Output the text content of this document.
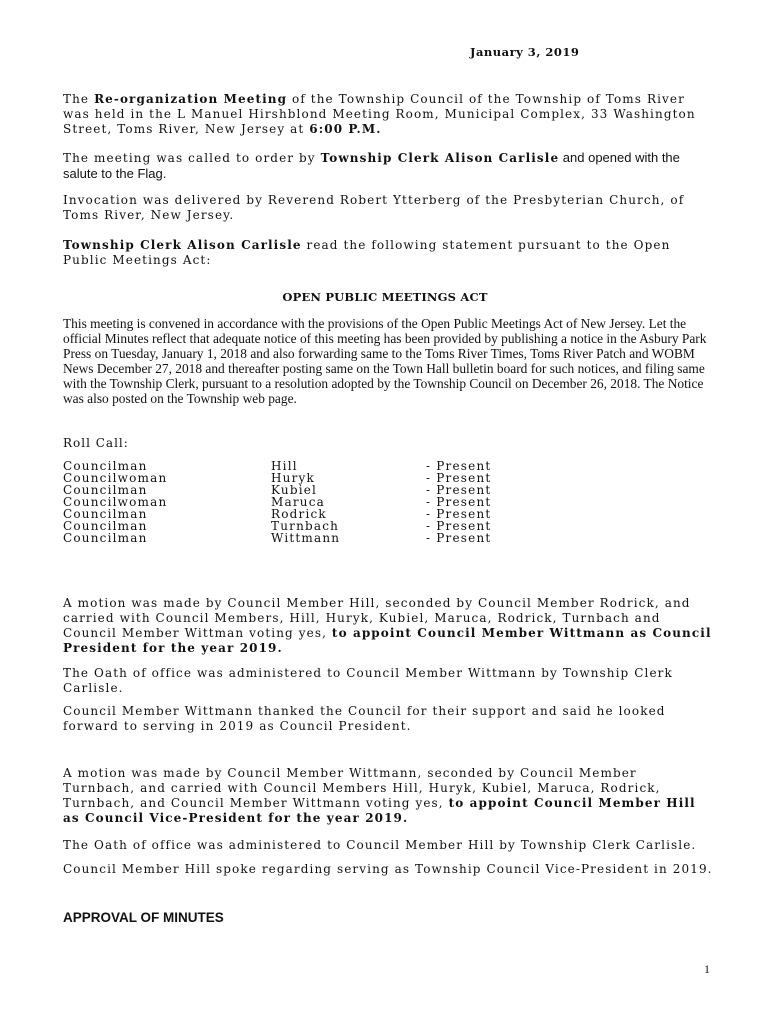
January 3, 2019

The Re-organization Meeting of the Township Council of the Township of Toms River was held in the L Manuel Hirshblond Meeting Room, Municipal Complex, 33 Washington Street, Toms River, New Jersey at 6:00 P.M.

The meeting was called to order by Township Clerk Alison Carlisle and opened with the salute to the Flag.

Invocation was delivered by Reverend Robert Ytterberg of the Presbyterian Church, of Toms River, New Jersey.

Township Clerk Alison Carlisle read the following statement pursuant to the Open Public Meetings Act:

OPEN PUBLIC MEETINGS ACT

This meeting is convened in accordance with the provisions of the Open Public Meetings Act of New Jersey. Let the official Minutes reflect that adequate notice of this meeting has been provided by publishing a notice in the Asbury Park Press on Tuesday, January 1, 2018 and also forwarding same to the Toms River Times, Toms River Patch and WOBM News December 27, 2018 and thereafter posting same on the Town Hall bulletin board for such notices, and filing same with the Township Clerk, pursuant to a resolution adopted by the Township Council on December 26, 2018. The Notice was also posted on the Township web page.

Roll Call:
Councilman	Hill	- Present
Councilwoman	Huryk	- Present
Councilman	Kubiel	- Present
Councilwoman	Maruca	- Present
Councilman	Rodrick	- Present
Councilman	Turnbach	- Present
Councilman	Wittmann	- Present

A motion was made by Council Member Hill, seconded by Council Member Rodrick, and carried with Council Members, Hill, Huryk, Kubiel, Maruca, Rodrick, Turnbach and Council Member Wittman voting yes, to appoint Council Member Wittmann as Council President for the year 2019.

The Oath of office was administered to Council Member Wittmann by Township Clerk Carlisle.

Council Member Wittmann thanked the Council for their support and said he looked forward to serving in 2019 as Council President.

A motion was made by Council Member Wittmann, seconded by Council Member Turnbach, and carried with Council Members Hill, Huryk, Kubiel, Maruca, Rodrick, Turnbach, and Council Member Wittmann voting yes, to appoint Council Member Hill as Council Vice-President for the year 2019.

The Oath of office was administered to Council Member Hill by Township Clerk Carlisle.

Council Member Hill spoke regarding serving as Township Council Vice-President in 2019.

APPROVAL OF MINUTES
1
